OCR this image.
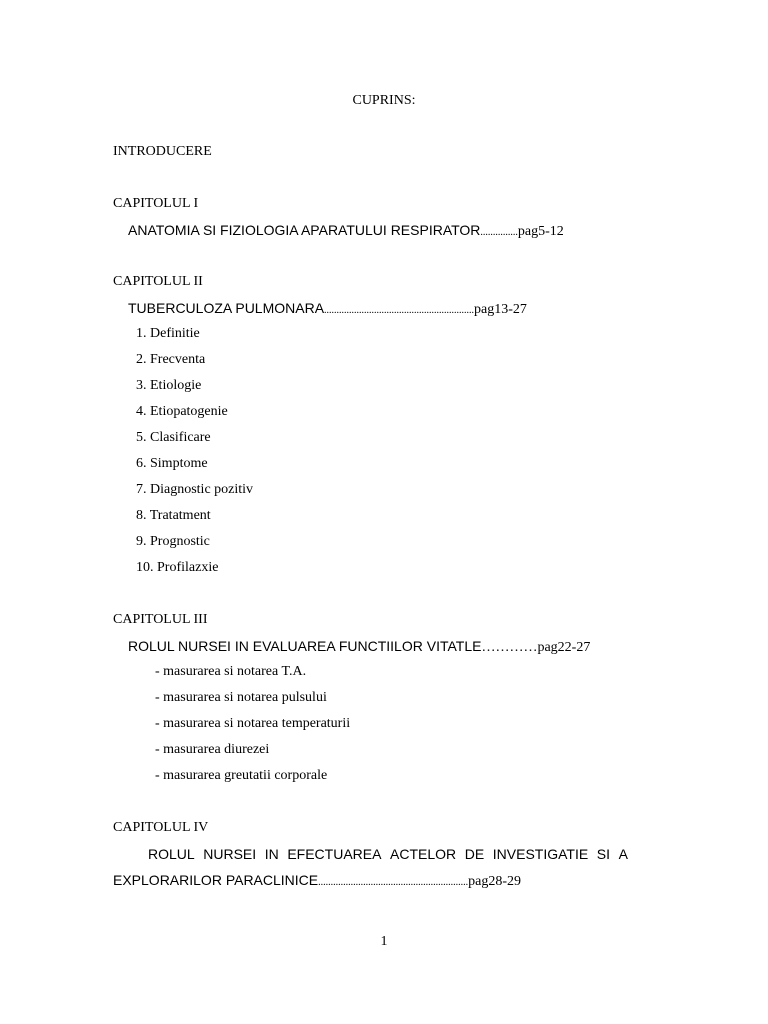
CUPRINS:
INTRODUCERE
CAPITOLUL I
ANATOMIA SI FIZIOLOGIA APARATULUI RESPIRATOR...............pag5-12
CAPITOLUL II
TUBERCULOZA PULMONARA............................................................pag13-27
1. Definitie
2. Frecventa
3. Etiologie
4. Etiopatogenie
5. Clasificare
6. Simptome
7. Diagnostic pozitiv
8. Tratatment
9. Prognostic
10. Profilazxie
CAPITOLUL III
ROLUL NURSEI IN EVALUAREA FUNCTIILOR VITATLE…………pag22-27
- masurarea si notarea T.A.
- masurarea si notarea pulsului
- masurarea si notarea temperaturii
- masurarea diurezei
- masurarea greutatii corporale
CAPITOLUL IV
ROLUL NURSEI IN EFECTUAREA ACTELOR DE INVESTIGATIE SI A
EXPLORARILOR PARACLINICE............................................................pag28-29
1
